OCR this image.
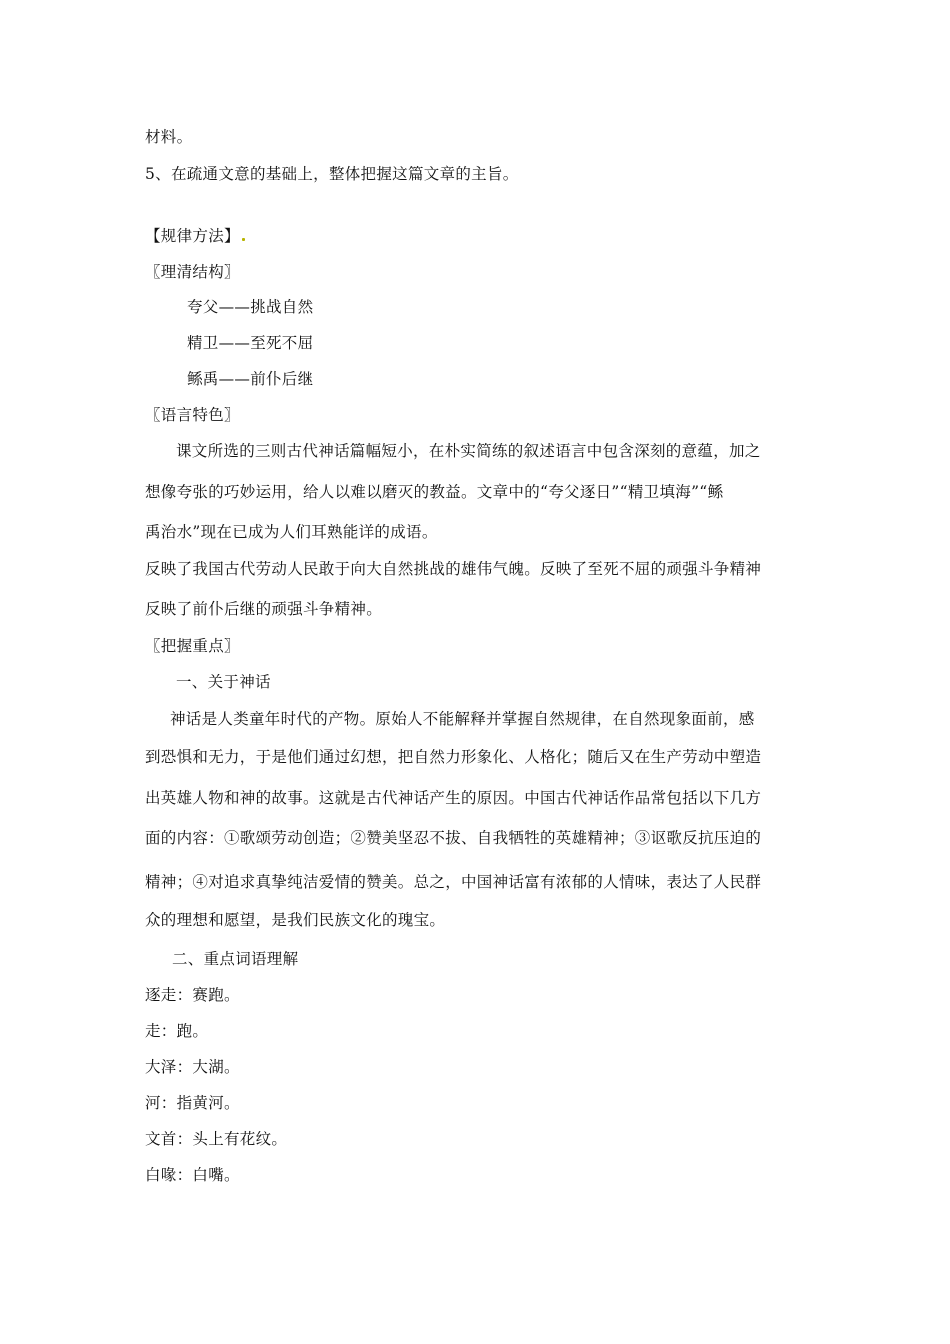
材料。
5、在疏通文意的基础上，整体把握这篇文章的主旨。
【规律方法】
〖理清结构〗
夸父——挑战自然
精卫——至死不屈
鲧禹——前仆后继
〖语言特色〗
课文所选的三则古代神话篇幅短小，在朴实简练的叙述语言中包含深刻的意蕴，加之
想像夸张的巧妙运用，给人以难以磨灭的教益。文章中的“夸父逐日”“精卫填海”“鲧
禹治水”现在已成为人们耳熟能详的成语。
反映了我国古代劳动人民敢于向大自然挑战的雄伟气魄。反映了至死不屈的顽强斗争精神
反映了前仆后继的顽强斗争精神。
〖把握重点〗
一、关于神话
神话是人类童年时代的产物。原始人不能解释并掌握自然规律，在自然现象面前，感
到恐惧和无力，于是他们通过幻想，把自然力形象化、人格化；随后又在生产劳动中塑造
出英雄人物和神的故事。这就是古代神话产生的原因。中国古代神话作品常包括以下几方
面的内容：①歌颂劳动创造；②赞美坚忍不拔、自我牺牲的英雄精神；③讴歌反抗压迫的
精神；④对追求真挚纯洁爱情的赞美。总之，中国神话富有浓郁的人情味，表达了人民群
众的理想和愿望，是我们民族文化的瑰宝。
二、重点词语理解
逐走：赛跑。
走：跑。
大泽：大湖。
河：指黄河。
文首：头上有花纹。
白喙：白嘴。
